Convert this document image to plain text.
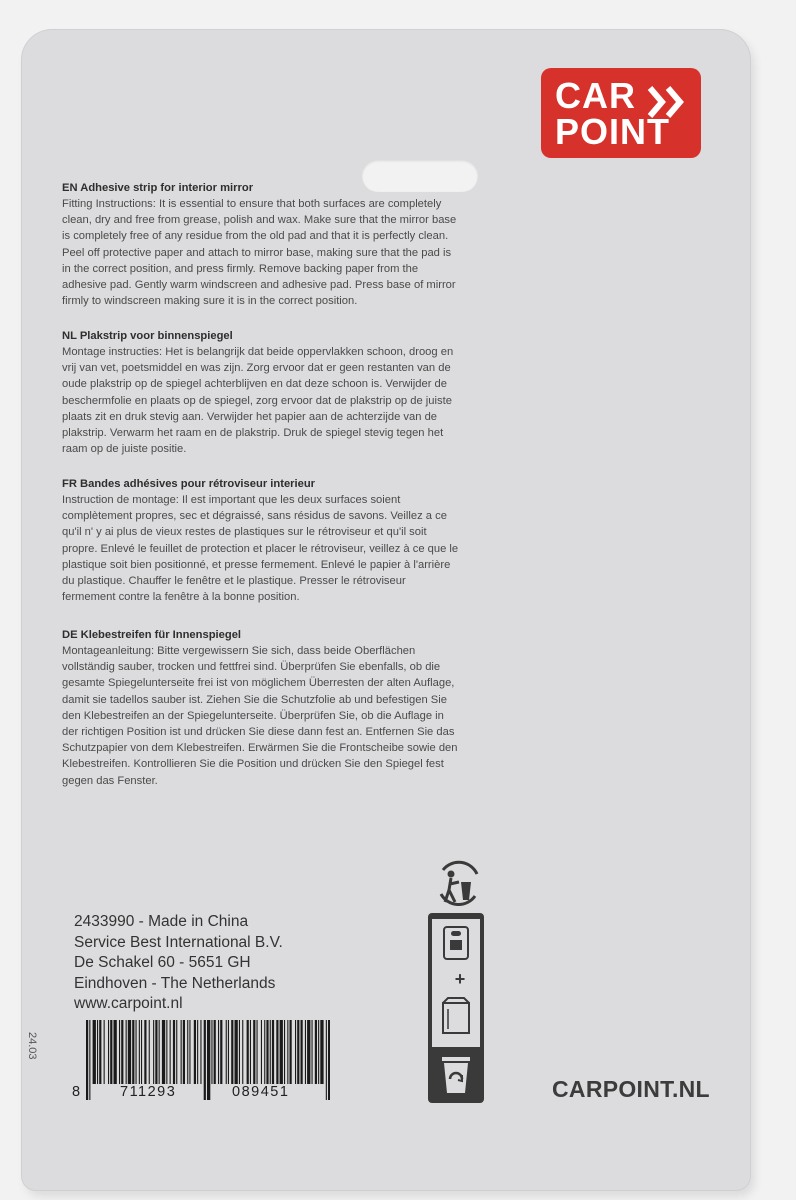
CAR
POINT
EN Adhesive strip for interior mirror

Fitting Instructions: It is essential to ensure that both surfaces are completely clean, dry and free from grease, polish and wax. Make sure that the mirror base is completely free of any residue from the old pad and that it is perfectly clean. Peel off protective paper and attach to mirror base, making sure that the pad is in the correct position, and press firmly. Remove backing paper from the adhesive pad. Gently warm windscreen and adhesive pad. Press base of mirror firmly to windscreen making sure it is in the correct position.

NL Plakstrip voor binnenspiegel

Montage instructies: Het is belangrijk dat beide oppervlakken schoon, droog en vrij van vet, poetsmiddel en was zijn. Zorg ervoor dat er geen restanten van de oude plakstrip op de spiegel achterblijven en dat deze schoon is. Verwijder de beschermfolie en plaats op de spiegel, zorg ervoor dat de plakstrip op de juiste plaats zit en druk stevig aan. Verwijder het papier aan de achterzijde van de plakstrip. Verwarm het raam en de plakstrip. Druk de spiegel stevig tegen het raam op de juiste positie.

FR Bandes adhésives pour rétroviseur interieur

Instruction de montage: Il est important que les deux surfaces soient complètement propres, sec et dégraissé, sans résidus de savons. Veillez a ce qu'il n' y ai plus de vieux restes de plastiques sur le rétroviseur et qu'il soit propre. Enlevé le feuillet de protection et placer le rétroviseur, veillez à ce que le plastique soit bien positionné, et presse fermement. Enlevé le papier à l'arrière du plastique. Chauffer le fenêtre et le plastique. Presser le rétroviseur fermement contre la fenêtre à la bonne position.

DE Klebestreifen für Innenspiegel

Montageanleitung: Bitte vergewissern Sie sich, dass beide Oberflächen vollständig sauber, trocken und fettfrei sind. Überprüfen Sie ebenfalls, ob die gesamte Spiegelunterseite frei ist von möglichem Überresten der alten Auflage, damit sie tadellos sauber ist. Ziehen Sie die Schutzfolie ab und befestigen Sie den Klebestreifen an der Spiegelunterseite. Überprüfen Sie, ob die Auflage in der richtigen Position ist und drücken Sie diese dann fest an. Entfernen Sie das Schutzpapier von dem Klebestreifen. Erwärmen Sie die Frontscheibe sowie den Klebestreifen. Kontrollieren Sie die Position und drücken Sie den Spiegel fest gegen das Fenster.

2433990 - Made in China
Service Best International B.V.
De Schakel 60 - 5651 GH
Eindhoven - The Netherlands
www.carpoint.nl
24.03
8	711293	089451
+
CARPOINT.NL
